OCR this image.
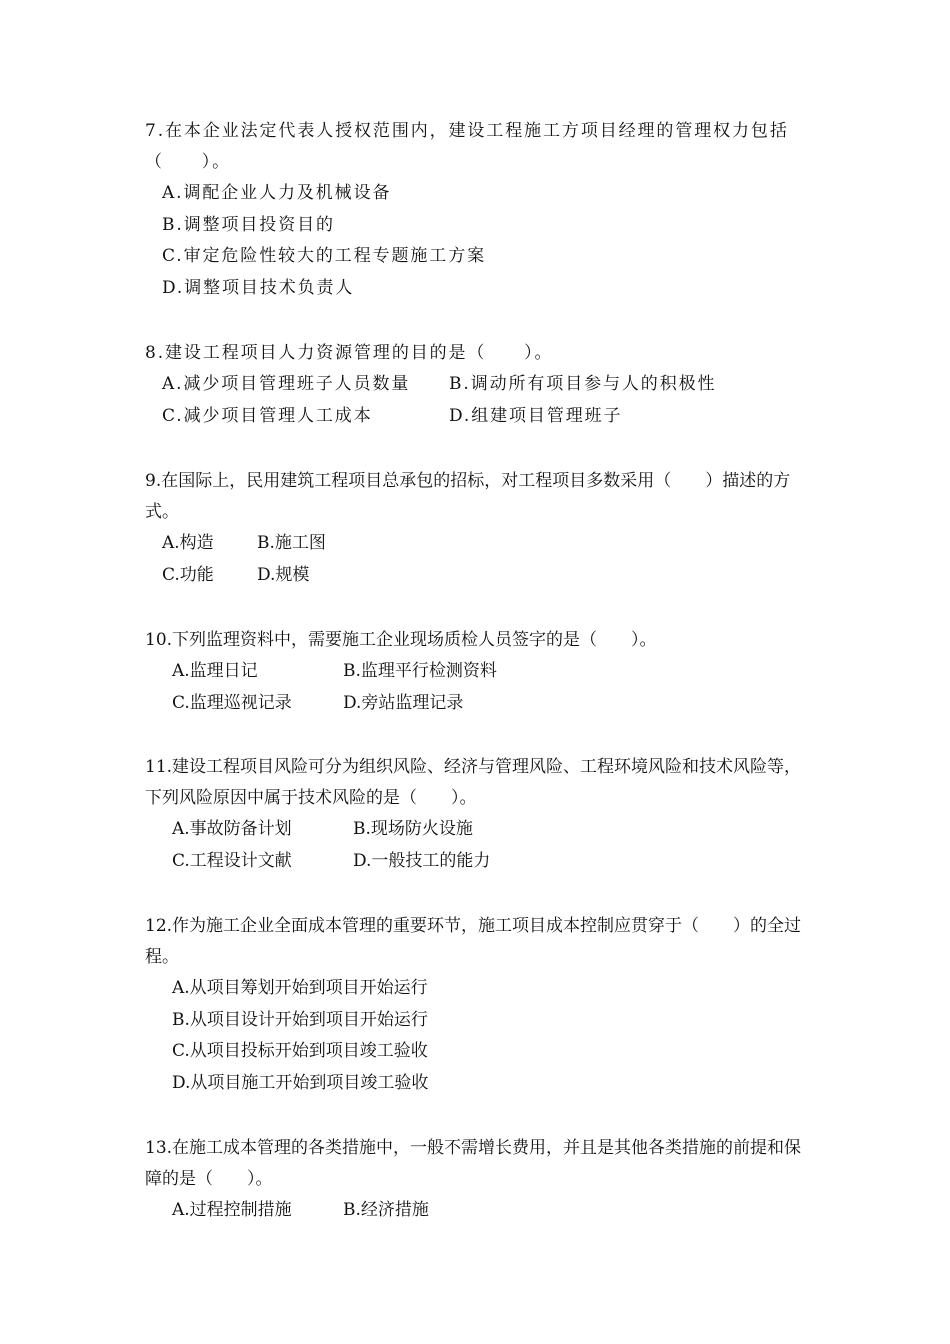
7.在本企业法定代表人授权范围内，建设工程施工方项目经理的管理权力包括（　　）。

A.调配企业人力及机械设备
B.调整项目投资目的
C.审定危险性较大的工程专题施工方案
D.调整项目技术负责人

8.建设工程项目人力资源管理的目的是（　　）。

A.减少项目管理班子人员数量	B.调动所有项目参与人的积极性
C.减少项目管理人工成本	D.组建项目管理班子

9.在国际上，民用建筑工程项目总承包的招标，对工程项目多数采用（　　）描述的方式。

A.构造	B.施工图
C.功能	D.规模

10.下列监理资料中，需要施工企业现场质检人员签字的是（　　）。

A.监理日记	B.监理平行检测资料
C.监理巡视记录	D.旁站监理记录

11.建设工程项目风险可分为组织风险、经济与管理风险、工程环境风险和技术风险等，下列风险原因中属于技术风险的是（　　）。

A.事故防备计划	B.现场防火设施
C.工程设计文献	D.一般技工的能力

12.作为施工企业全面成本管理的重要环节，施工项目成本控制应贯穿于（　　）的全过程。

A.从项目筹划开始到项目开始运行
B.从项目设计开始到项目开始运行
C.从项目投标开始到项目竣工验收
D.从项目施工开始到项目竣工验收

13.在施工成本管理的各类措施中，一般不需增长费用，并且是其他各类措施的前提和保障的是（　　）。

A.过程控制措施	B.经济措施
